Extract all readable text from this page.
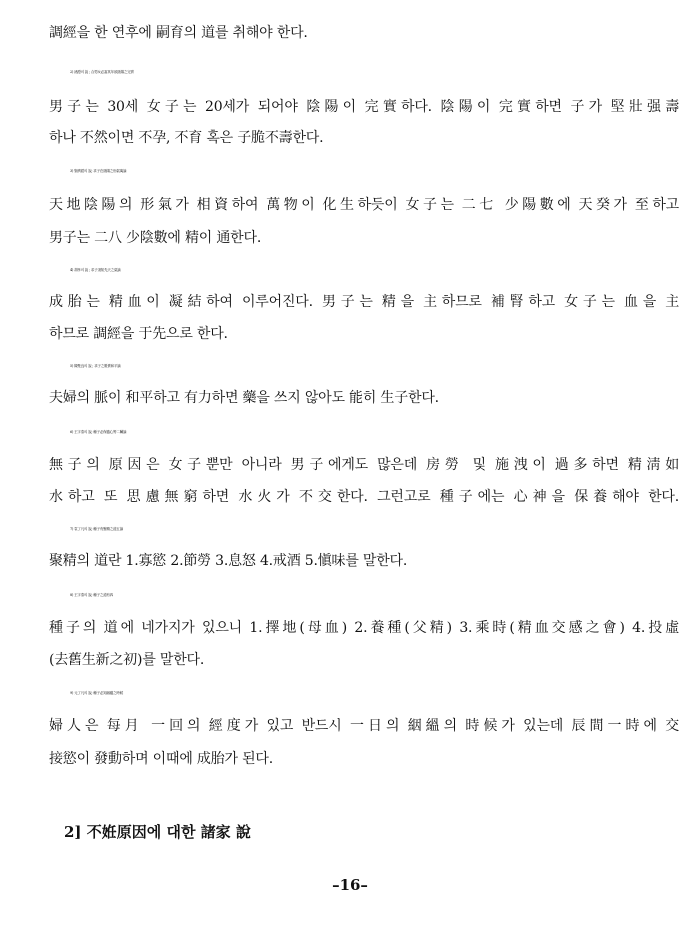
調經을 한 연후에 嗣育의 道를 취해야 한다.
2) 褚澄의 說 ; 合男女必當其年欲陰陽之完實
男子는 30세 女子는 20세가 되어야 陰陽이 完實하다. 陰陽이 完實하면 子가 堅壯强壽
하나 不然이면 不孕, 不育 혹은 子脆不壽한다.
3) 聖濟經의 說; 求子在陰陽之形氣寓論
天地陰陽의 形氣가 相資하여 萬物이 化生하듯이 女子는 二七 少陽數에 天癸가 至하고
男子는 二八 少陰數에 精이 通한다.
4) 胡孝의 說 ; 求子須知先天之氣論
成胎는 精血이 凝結하여 이루어진다. 男子는 精을 主하므로 補腎하고 女子는 血을 主
하므로 調經을 于先으로 한다.
5) 陳楚良의 說 ; 求子之脈貴和平論
夫婦의 脈이 和平하고 有力하면 藥을 쓰지 않아도 能히 生子한다.
6) 王宇泰의 說; 種子必保養心腎二臟論
無子의 原因은 女子뿐만 아니라 男子에게도 많은데 房勞 및 施洩이 過多하면 精淸如
水하고 또 思慮無窮하면 水火가 不交한다. 그런고로 種子에는 心神을 保養해야 한다.
7) 袁了凡의 說; 種子有聚精之道五論
聚精의 道란 1.寡慾 2.節勞 3.息怒 4.戒酒 5.愼味를 말한다.
8) 王宇泰의 說; 種子之道有四
種子의 道에 네가지가 있으니 1.擇地(母血) 2.養種(父精) 3.乘時(精血交感之會) 4.投虛
(去舊生新之初)를 말한다.
9) 元了凡의 說; 種子必知絪縕之時候
婦人은 每月 一回의 經度가 있고 반드시 一日의 絪縕의 時候가 있는데 辰間一時에 交
接慾이 發動하며 이때에 成胎가 된다.
2] 不姙原因에 대한 諸家 說
–16–
